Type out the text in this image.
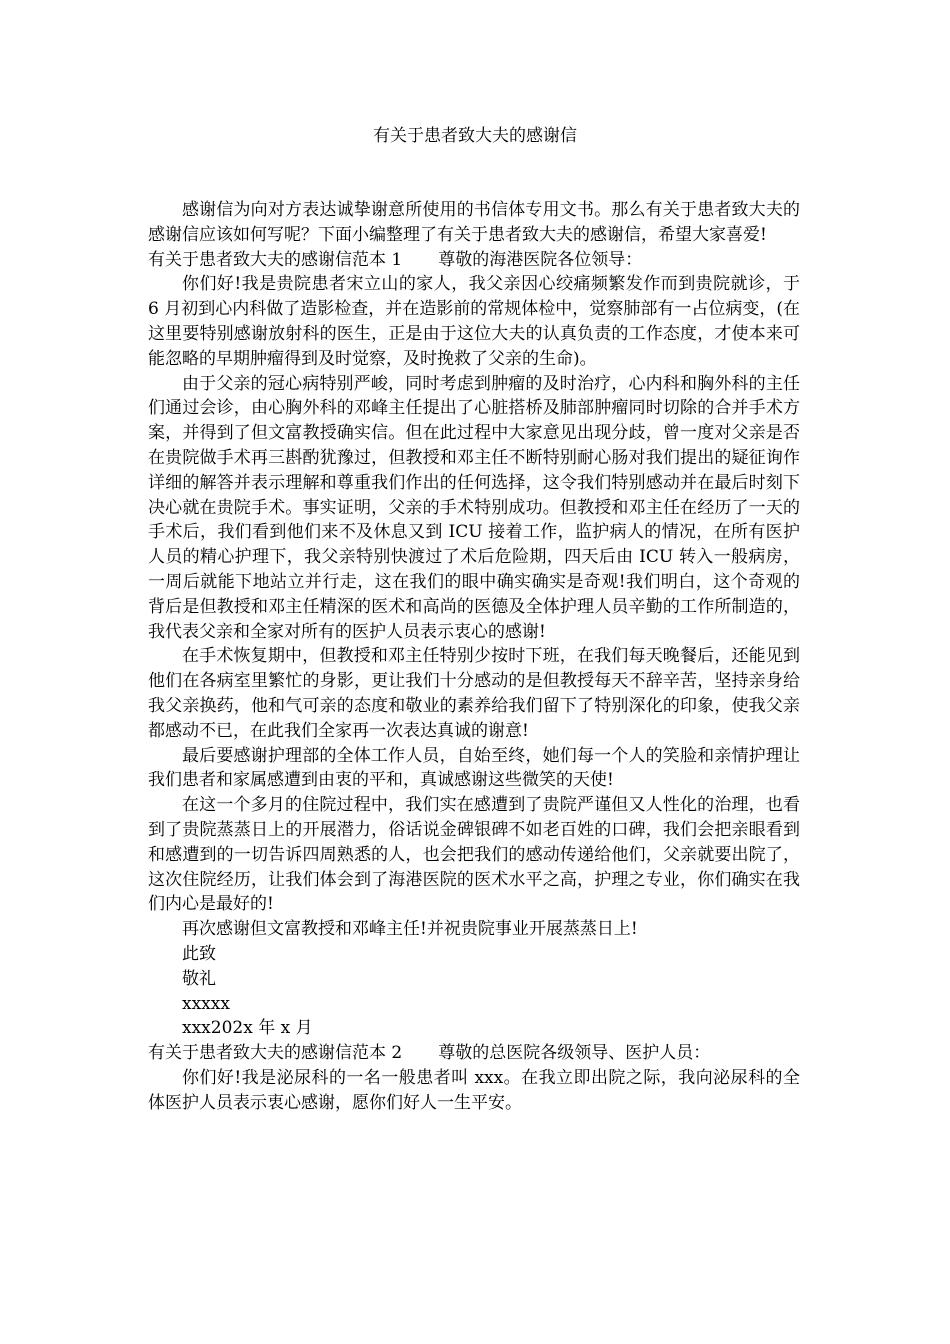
有关于患者致大夫的感谢信

感谢信为向对方表达诚挚谢意所使用的书信体专用文书。那么有关于患者致大夫的感谢信应该如何写呢？下面小编整理了有关于患者致大夫的感谢信，希望大家喜爱!

有关于患者致大夫的感谢信范本 1 尊敬的海港医院各位领导：

你们好!我是贵院患者宋立山的家人，我父亲因心绞痛频繁发作而到贵院就诊，于 6 月初到心内科做了造影检查，并在造影前的常规体检中，觉察肺部有一占位病变，(在这里要特别感谢放射科的医生，正是由于这位大夫的认真负责的工作态度，才使本来可能忽略的早期肿瘤得到及时觉察，及时挽救了父亲的生命)。

由于父亲的冠心病特别严峻，同时考虑到肿瘤的及时治疗，心内科和胸外科的主任们通过会诊，由心胸外科的邓峰主任提出了心脏搭桥及肺部肿瘤同时切除的合并手术方案，并得到了但文富教授确实信。但在此过程中大家意见出现分歧，曾一度对父亲是否在贵院做手术再三斟酌犹豫过，但教授和邓主任不断特别耐心肠对我们提出的疑征询作详细的解答并表示理解和尊重我们作出的任何选择，这令我们特别感动并在最后时刻下决心就在贵院手术。事实证明，父亲的手术特别成功。但教授和邓主任在经历了一天的手术后，我们看到他们来不及休息又到 ICU 接着工作，监护病人的情况，在所有医护人员的精心护理下，我父亲特别快渡过了术后危险期，四天后由 ICU 转入一般病房，一周后就能下地站立并行走，这在我们的眼中确实确实是奇观!我们明白，这个奇观的背后是但教授和邓主任精深的医术和高尚的医德及全体护理人员辛勤的工作所制造的，我代表父亲和全家对所有的医护人员表示衷心的感谢!

在手术恢复期中，但教授和邓主任特别少按时下班，在我们每天晚餐后，还能见到他们在各病室里繁忙的身影，更让我们十分感动的是但教授每天不辞辛苦，坚持亲身给我父亲换药，他和气可亲的态度和敬业的素养给我们留下了特别深化的印象，使我父亲都感动不已，在此我们全家再一次表达真诚的谢意!

最后要感谢护理部的全体工作人员，自始至终，她们每一个人的笑脸和亲情护理让我们患者和家属感遭到由衷的平和，真诚感谢这些微笑的天使!

在这一个多月的住院过程中，我们实在感遭到了贵院严谨但又人性化的治理，也看到了贵院蒸蒸日上的开展潜力，俗话说金碑银碑不如老百姓的口碑，我们会把亲眼看到和感遭到的一切告诉四周熟悉的人，也会把我们的感动传递给他们，父亲就要出院了，这次住院经历，让我们体会到了海港医院的医术水平之高，护理之专业，你们确实在我们内心是最好的!

再次感谢但文富教授和邓峰主任!并祝贵院事业开展蒸蒸日上!

此致

敬礼

xxxxx

xxx202x 年 x 月

有关于患者致大夫的感谢信范本 2 尊敬的总医院各级领导、医护人员：

你们好!我是泌尿科的一名一般患者叫 xxx。在我立即出院之际，我向泌尿科的全体医护人员表示衷心感谢，愿你们好人一生平安。
